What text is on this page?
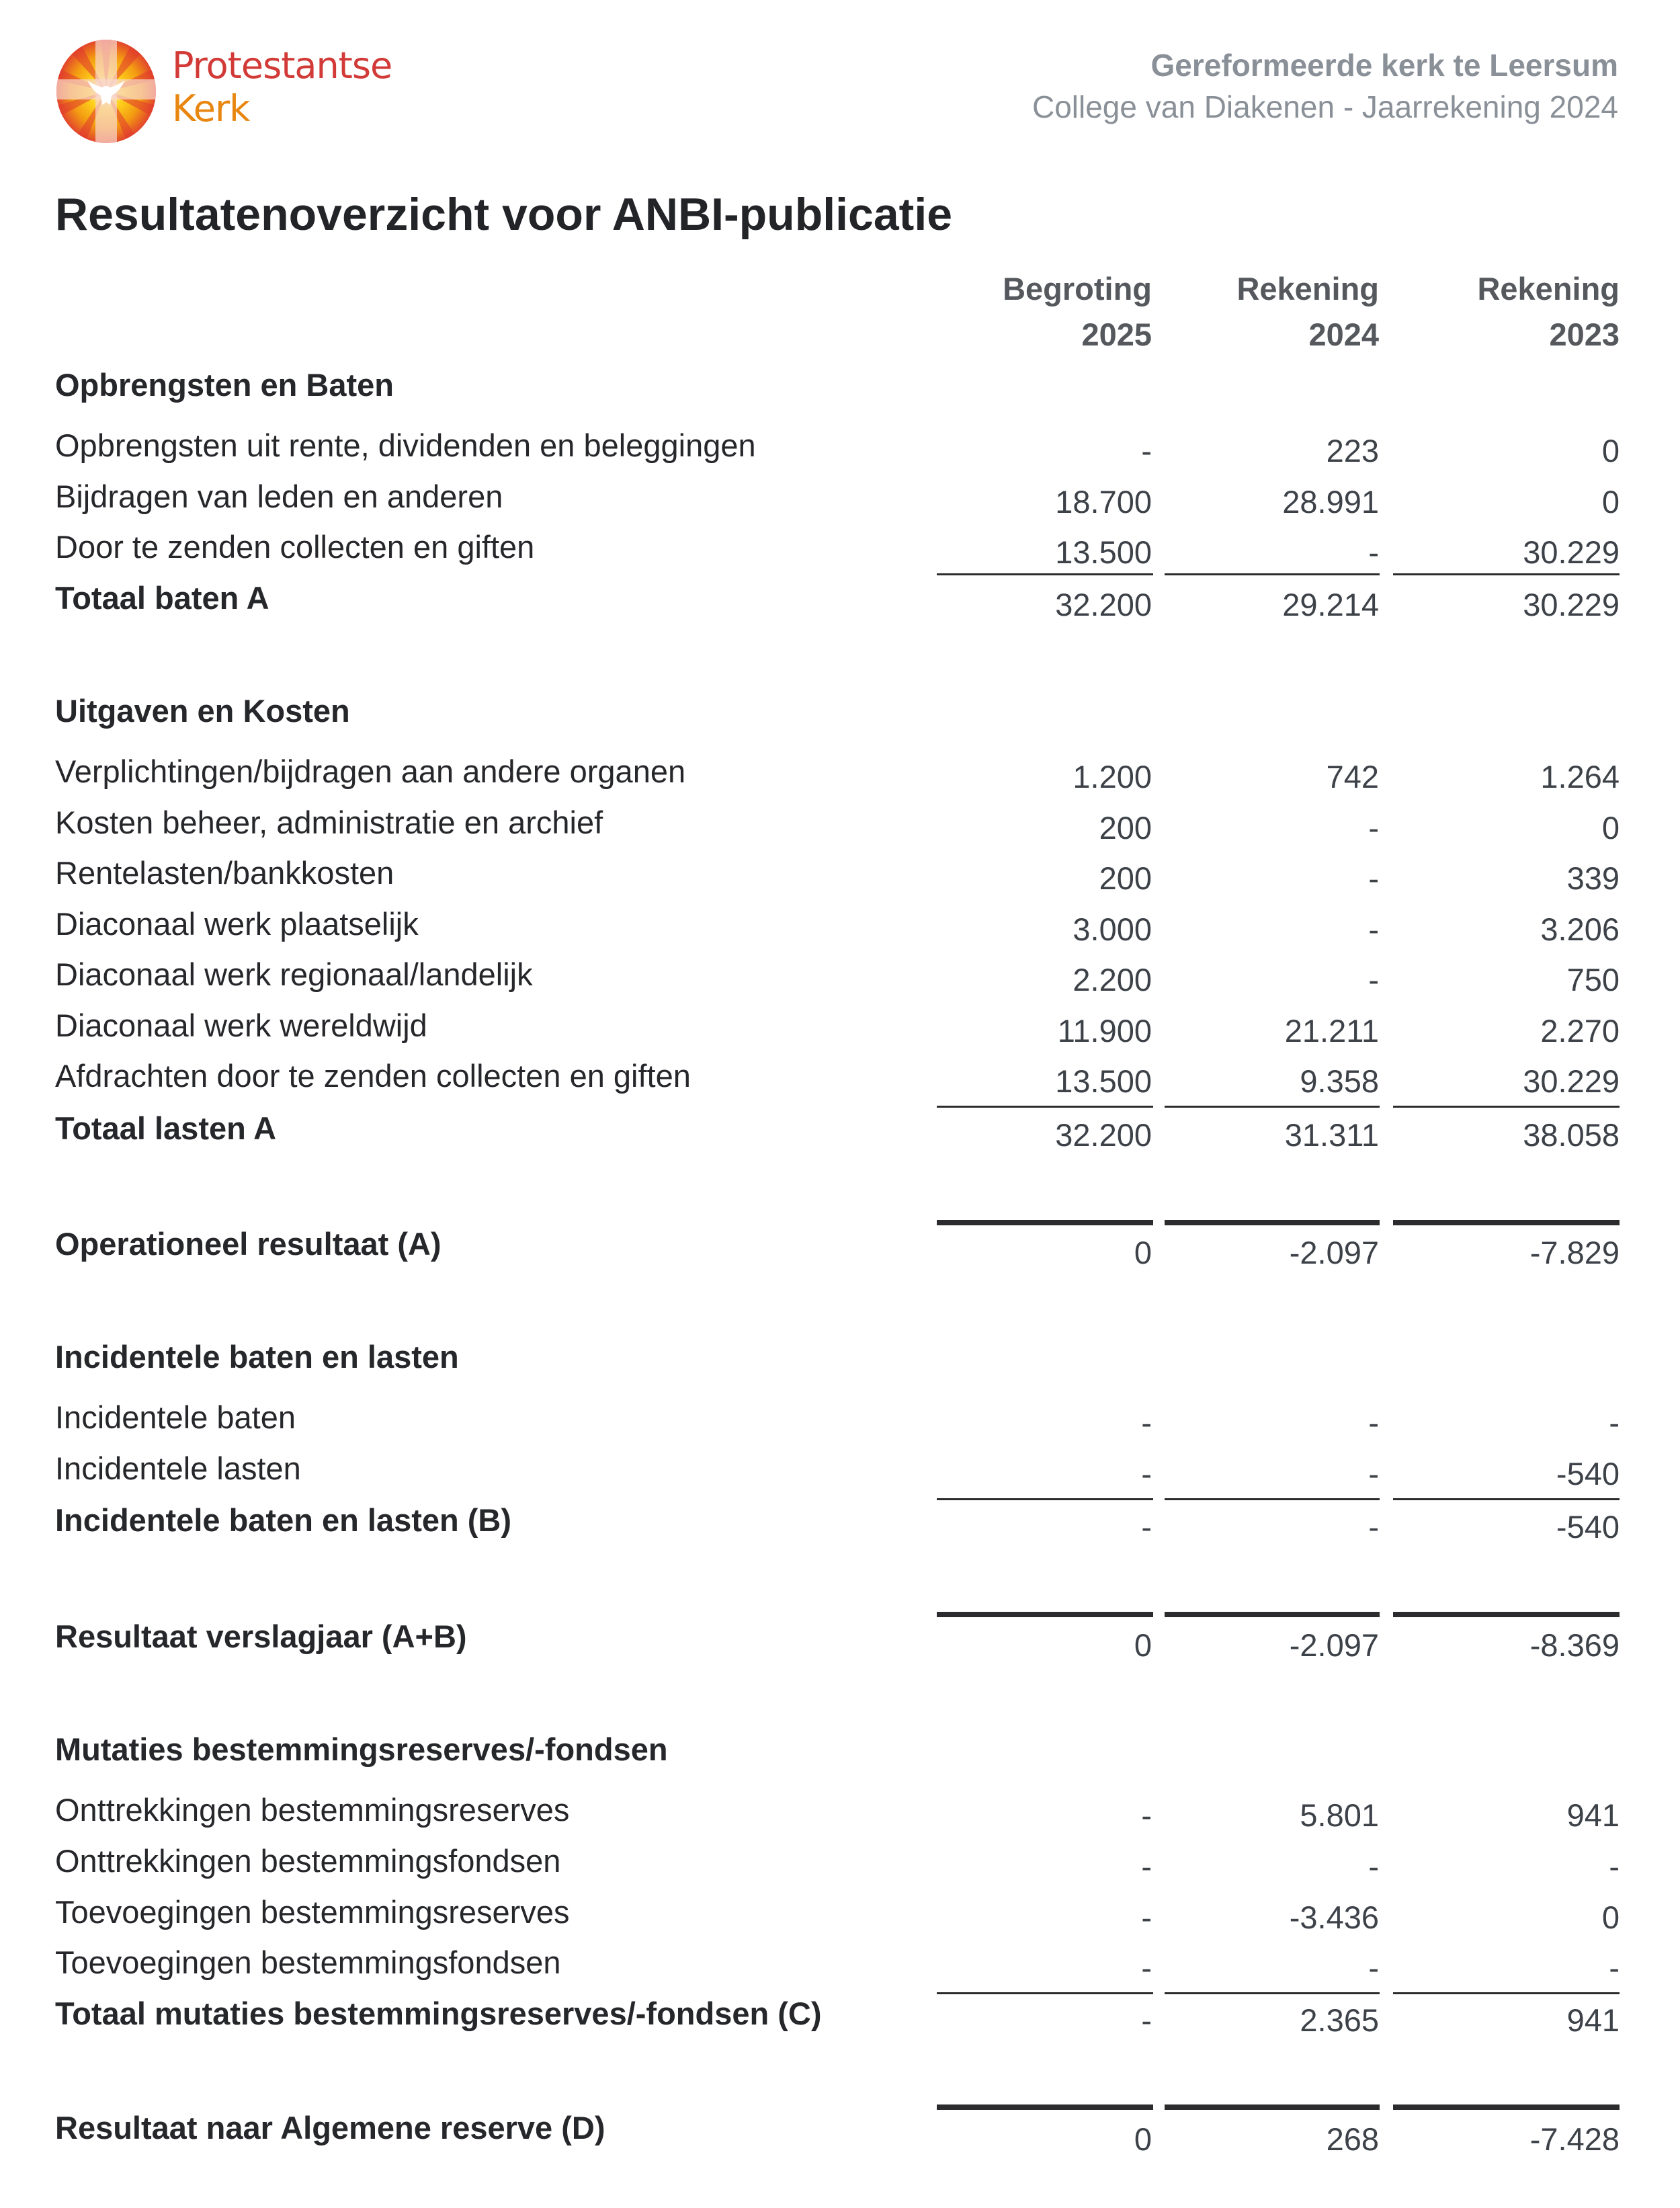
Protestantse
Kerk
Gereformeerde kerk te Leersum
College van Diakenen - Jaarrekening 2024
Resultatenoverzicht voor ANBI-publicatie
Begroting
2025
Rekening
2024
Rekening
2023
Opbrengsten en Baten
Opbrengsten uit rente, dividenden en beleggingen	-	223	0
Bijdragen van leden en anderen	18.700	28.991	0
Door te zenden collecten en giften	13.500	-	30.229
Totaal baten A	32.200	29.214	30.229
Uitgaven en Kosten
Verplichtingen/bijdragen aan andere organen	1.200	742	1.264
Kosten beheer, administratie en archief	200	-	0
Rentelasten/bankkosten	200	-	339
Diaconaal werk plaatselijk	3.000	-	3.206
Diaconaal werk regionaal/landelijk	2.200	-	750
Diaconaal werk wereldwijd	11.900	21.211	2.270
Afdrachten door te zenden collecten en giften	13.500	9.358	30.229
Totaal lasten A	32.200	31.311	38.058
Operationeel resultaat (A)	0	-2.097	-7.829
Incidentele baten en lasten
Incidentele baten	-	-	-
Incidentele lasten	-	-	-540
Incidentele baten en lasten (B)	-	-	-540
Resultaat verslagjaar (A+B)	0	-2.097	-8.369
Mutaties bestemmingsreserves/-fondsen
Onttrekkingen bestemmingsreserves	-	5.801	941
Onttrekkingen bestemmingsfondsen	-	-	-
Toevoegingen bestemmingsreserves	-	-3.436	0
Toevoegingen bestemmingsfondsen	-	-	-
Totaal mutaties bestemmingsreserves/-fondsen (C)	-	2.365	941
Resultaat naar Algemene reserve (D)	0	268	-7.428
